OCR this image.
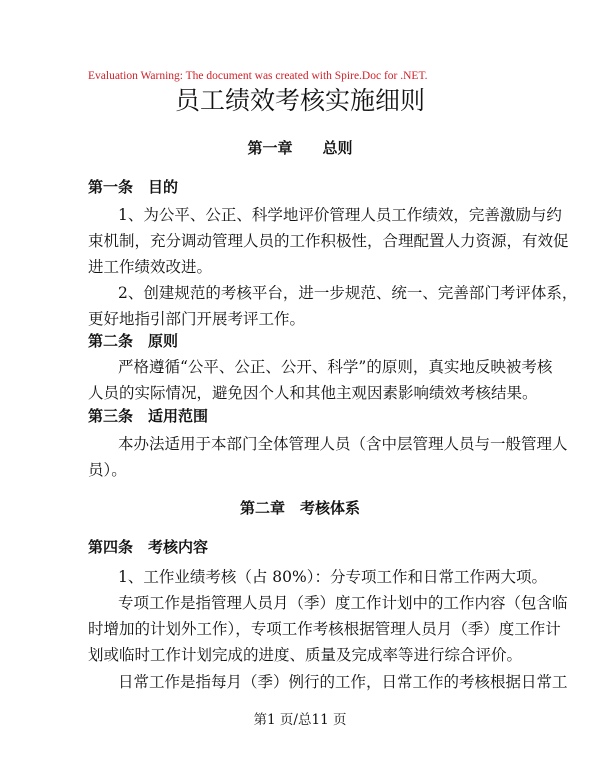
Evaluation Warning: The document was created with Spire.Doc for .NET.
员工绩效考核实施细则
第一章　　总则
第一条　目的
1、为公平、公正、科学地评价管理人员工作绩效，完善激励与约
束机制，充分调动管理人员的工作积极性，合理配置人力资源，有效促
进工作绩效改进。
2、创建规范的考核平台，进一步规范、统一、完善部门考评体系，
更好地指引部门开展考评工作。
第二条　原则
严格遵循“公平、公正、公开、科学”的原则，真实地反映被考核
人员的实际情况，避免因个人和其他主观因素影响绩效考核结果。
第三条　适用范围
本办法适用于本部门全体管理人员（含中层管理人员与一般管理人
员）。
第二章　考核体系
第四条　考核内容
1、工作业绩考核（占 80%）：分专项工作和日常工作两大项。
专项工作是指管理人员月（季）度工作计划中的工作内容（包含临
时增加的计划外工作），专项工作考核根据管理人员月（季）度工作计
划或临时工作计划完成的进度、质量及完成率等进行综合评价。
日常工作是指每月（季）例行的工作，日常工作的考核根据日常工
第1 页/总11 页
